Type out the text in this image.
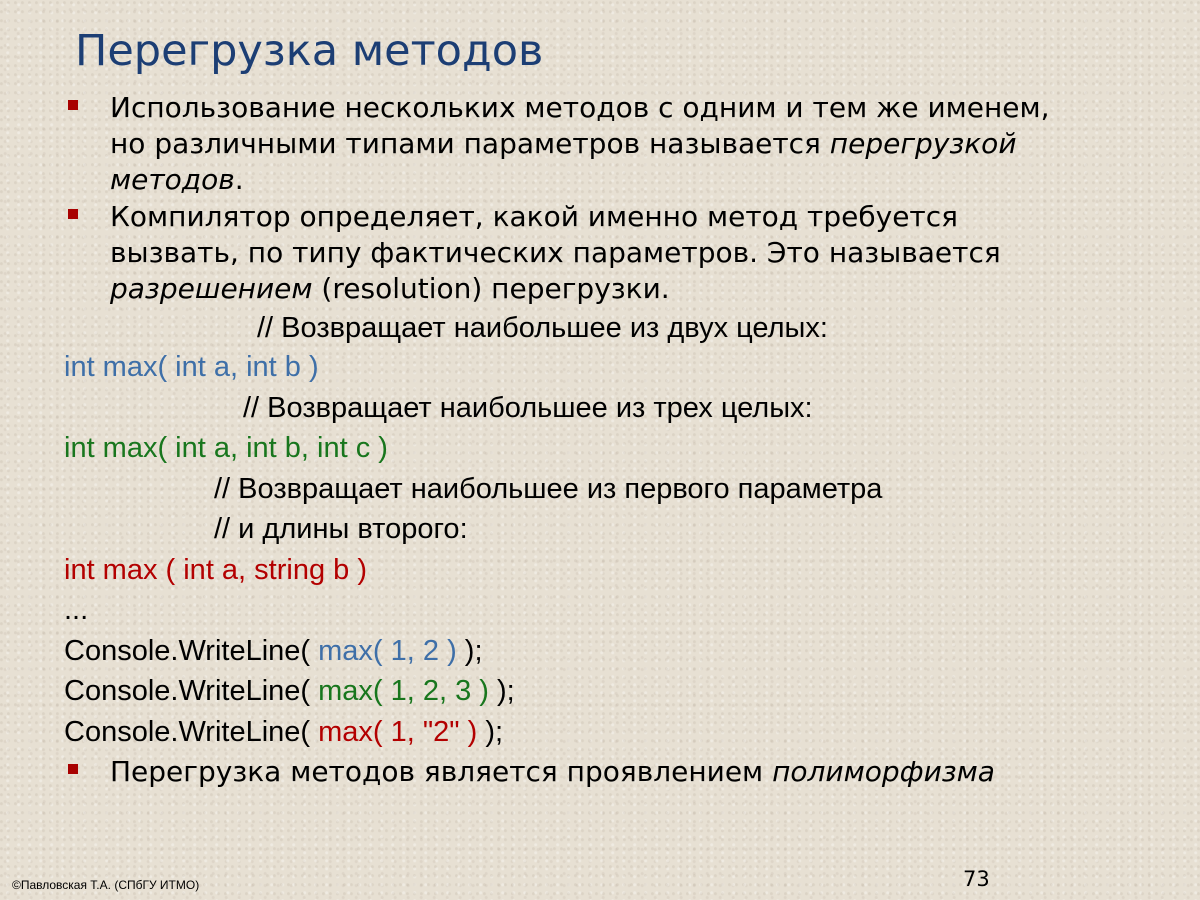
Перегрузка методов
Использование нескольких методов с одним и тем же именем,
но различными типами параметров называется перегрузкой
методов.
Компилятор определяет, какой именно метод требуется
вызвать, по типу фактических параметров. Это называется
разрешением (resolution) перегрузки.
// Возвращает наибольшее из двух целых:
int max( int a, int b )
// Возвращает наибольшее из трех целых:
int max( int a, int b, int c )
// Возвращает наибольшее из первого параметра
// и длины второго:
int max ( int a, string b )
...
Console.WriteLine( max( 1, 2 ) );
Console.WriteLine( max( 1, 2, 3 ) );
Console.WriteLine( max( 1, "2" ) );
Перегрузка методов является проявлением полиморфизма
©Павловская Т.А. (СПбГУ ИТМО)	73
